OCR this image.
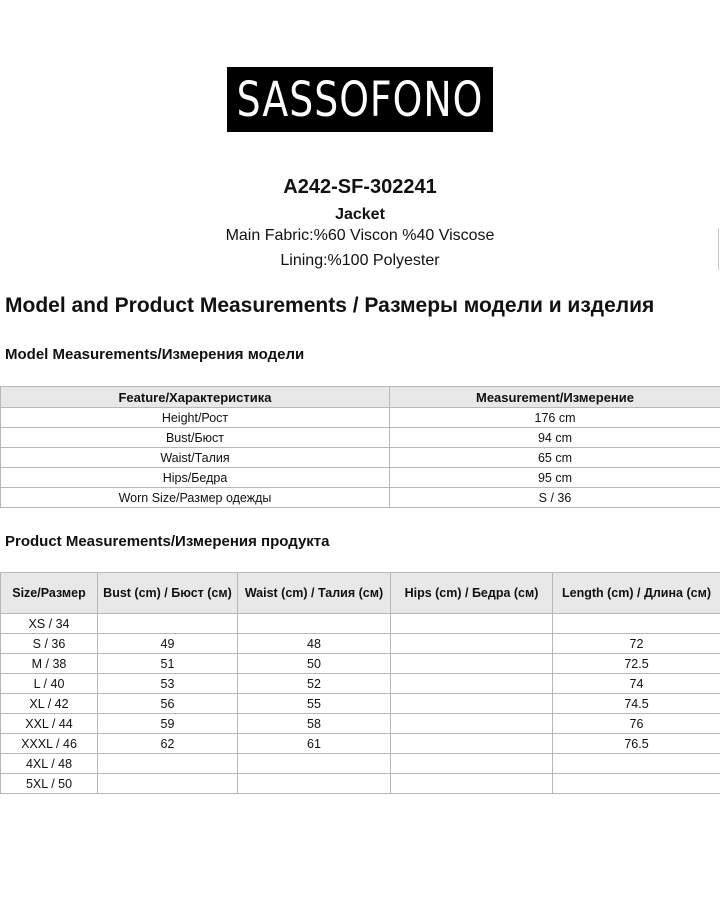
SASSOFONO
A242-SF-302241
Jacket
Main Fabric:%60 Viscon %40 Viscose
Lining:%100 Polyester
Model and Product Measurements / Размеры модели и изделия
Model Measurements/Измерения модели
Feature/Характеристика	Measurement/Измерение
Height/Рост	176 cm
Bust/Бюст	94 cm
Waist/Талия	65 cm
Hips/Бедра	95 cm
Worn Size/Размер одежды	S / 36
Product Measurements/Измерения продукта
Size/Размер	Bust (cm) / Бюст (см)	Waist (cm) / Талия (см)	Hips (cm) / Бедра (см)	Length (cm) / Длина (см)
XS / 34				
S / 36	49	48		72
M / 38	51	50		72.5
L / 40	53	52		74
XL / 42	56	55		74.5
XXL / 44	59	58		76
XXXL / 46	62	61		76.5
4XL / 48				
5XL / 50				
